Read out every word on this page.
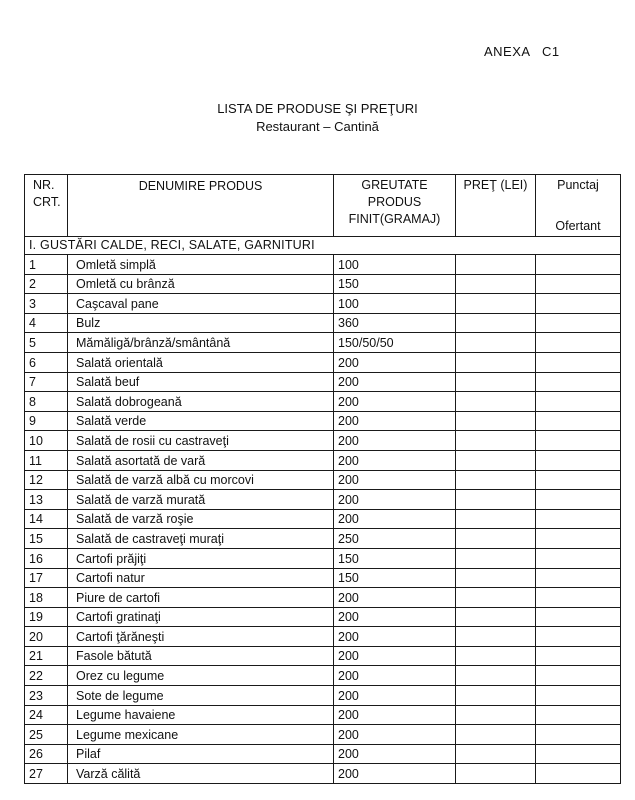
ANEXA C1
LISTA DE PRODUSE ŞI PREŢURI
Restaurant – Cantină
NR. CRT.	DENUMIRE PRODUS	GREUTATE PRODUS FINIT(GRAMAJ)	PREŢ (LEI)	Punctaj
Ofertant

I. GUSTĂRI CALDE, RECI, SALATE, GARNITURI				
1	Omletă simplă	100		
2	Omletă cu brânză	150		
3	Caşcaval pane	100		
4	Bulz	360		
5	Mămăligă/brânză/smântână	150/50/50		
6	Salată orientală	200		
7	Salată beuf	200		
8	Salată dobrogeană	200		
9	Salată verde	200		
10	Salată de rosii cu castraveţi	200		
11	Salată asortată de vară	200		
12	Salată de varză albă cu morcovi	200		
13	Salată de varză murată	200		
14	Salată de varză roşie	200		
15	Salată de castraveţi muraţi	250		
16	Cartofi prăjiţi	150		
17	Cartofi natur	150		
18	Piure de cartofi	200		
19	Cartofi gratinaţi	200		
20	Cartofi ţărăneşti	200		
21	Fasole bătută	200		
22	Orez cu legume	200		
23	Sote de legume	200		
24	Legume havaiene	200		
25	Legume mexicane	200		
26	Pilaf	200		
27	Varză călită	200		
